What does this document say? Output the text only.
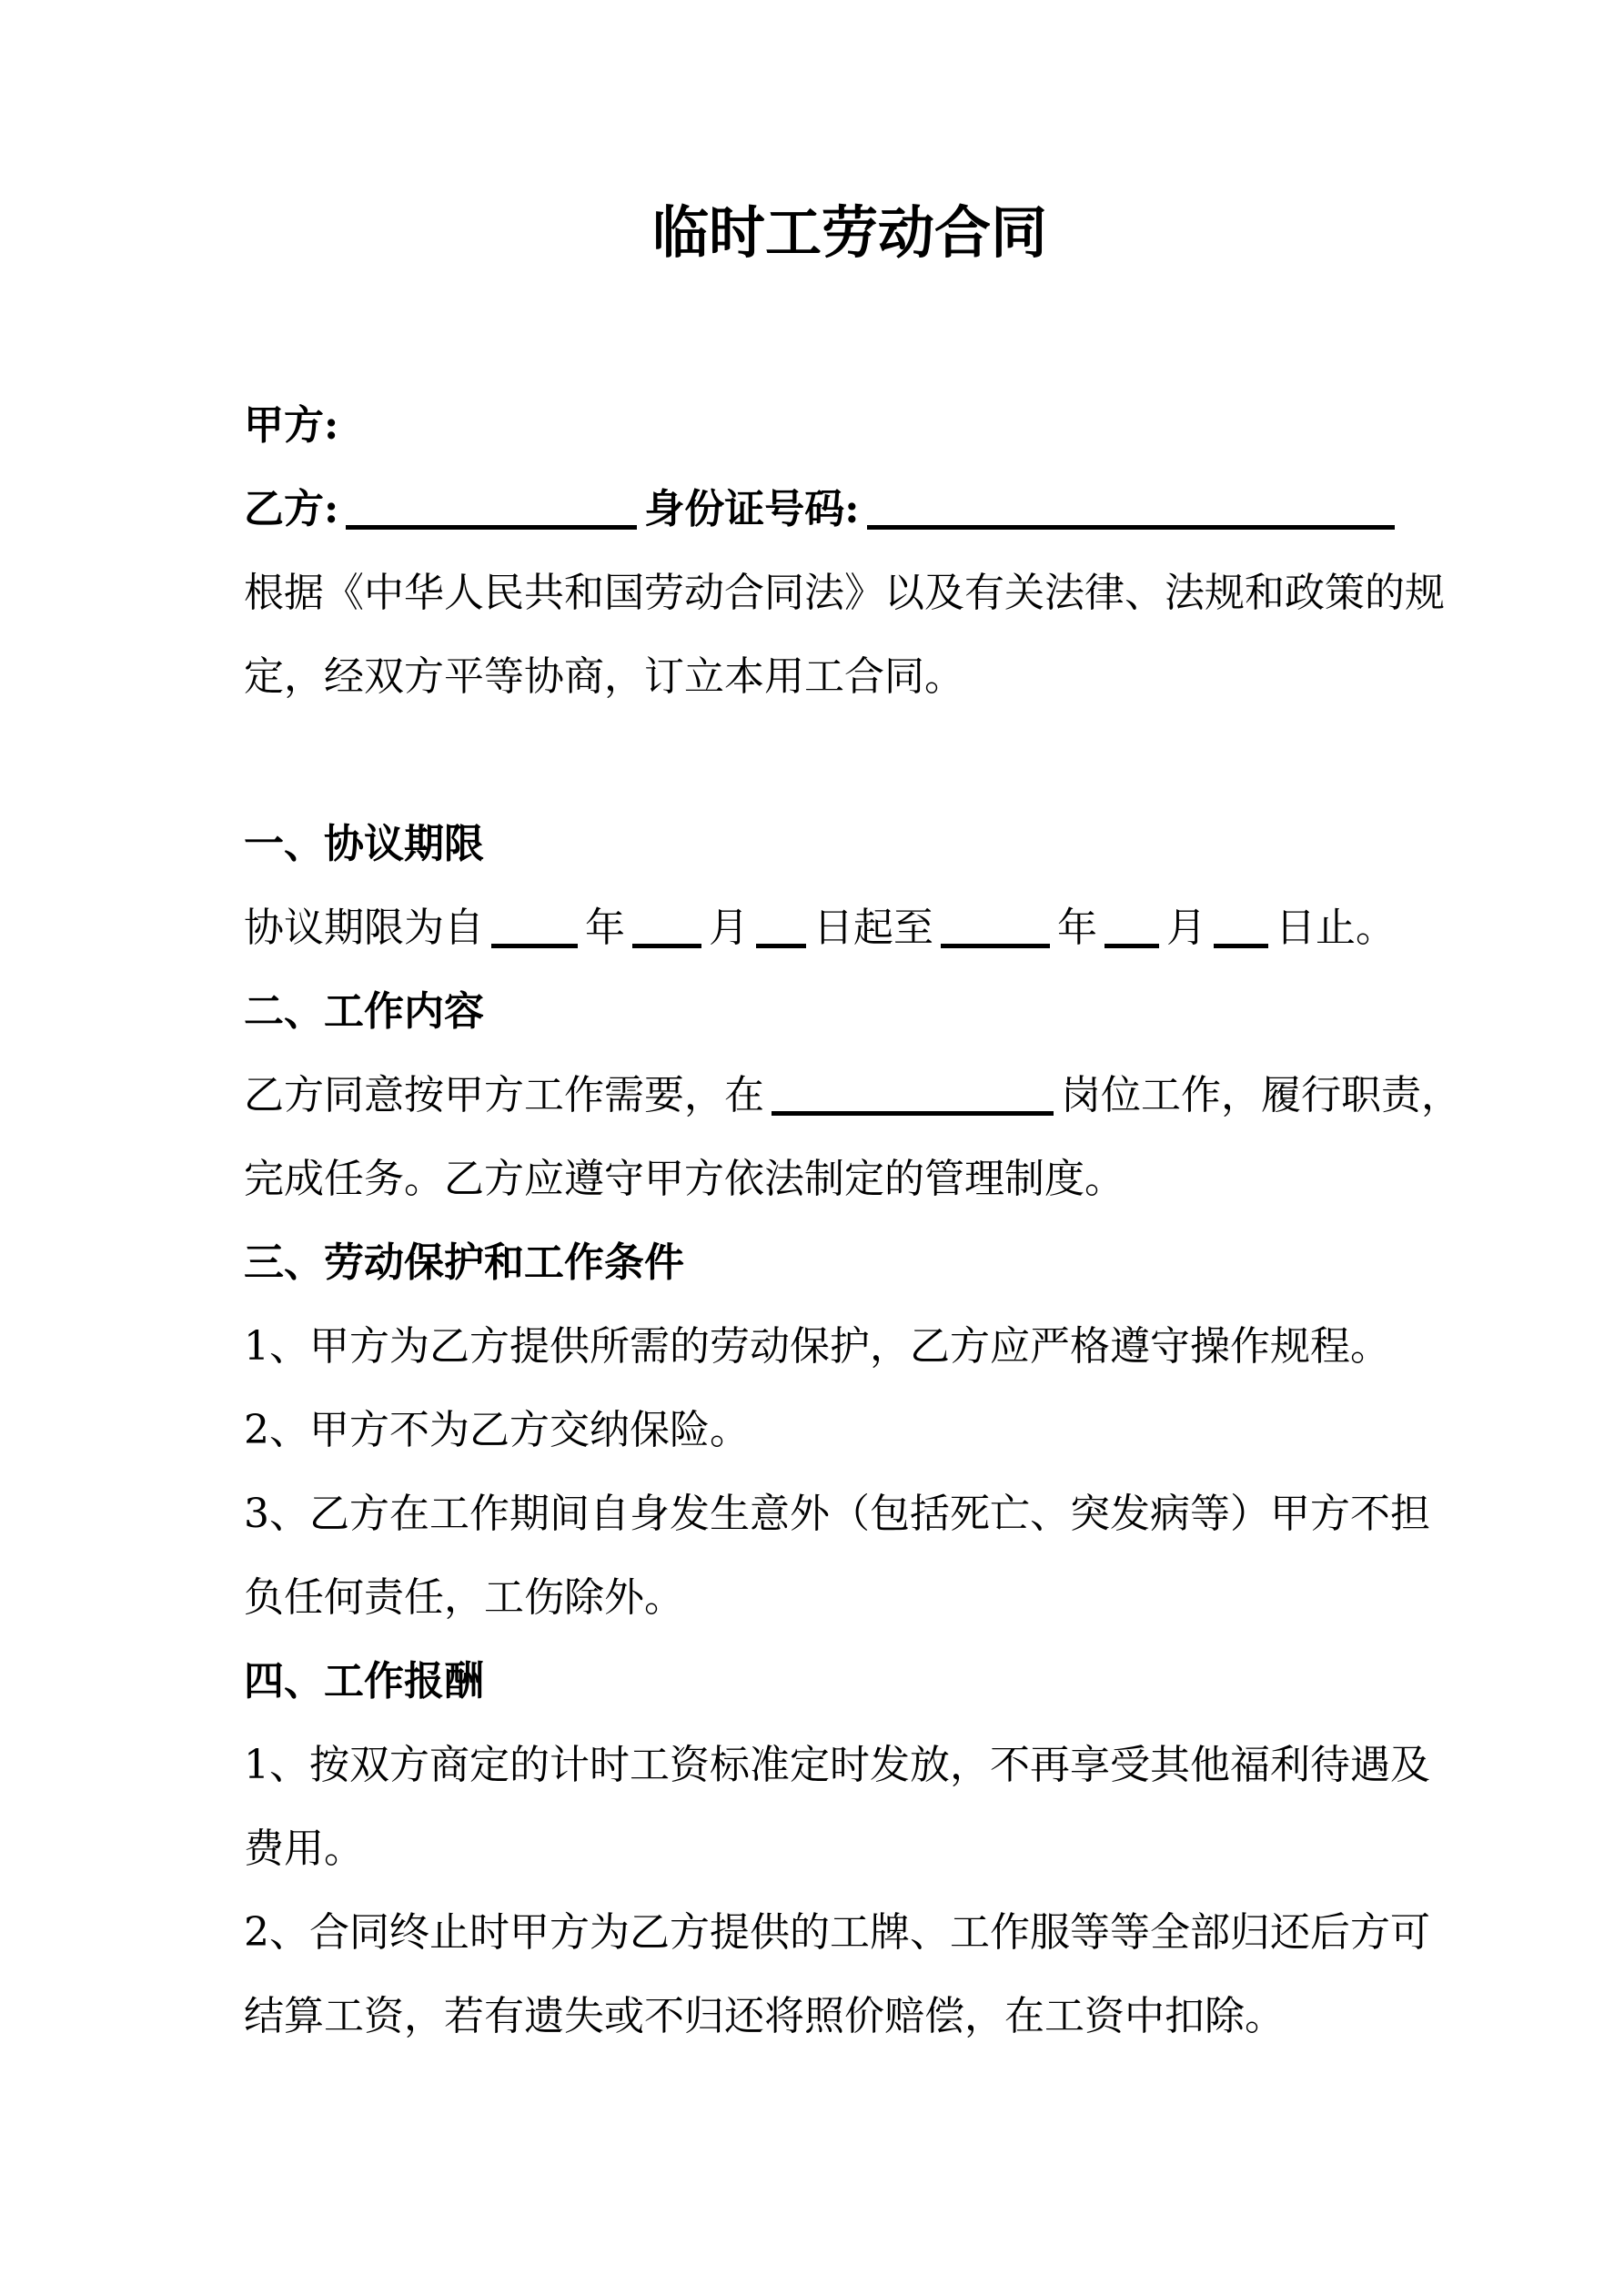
临时工劳动合同
甲方:
乙方:	身份证号码:
根据《中华人民共和国劳动合同法》以及有关法律、法规和政策的规
定，经双方平等协商，订立本用工合同。
一、协议期限
协议期限为自	年 月 日起至	年 月 日止。
二、工作内容
乙方同意按甲方工作需要，在	岗位工作，履行职责，
完成任务。乙方应遵守甲方依法制定的管理制度。
三、劳动保护和工作条件
1、甲方为乙方提供所需的劳动保护，乙方应严格遵守操作规程。
2、甲方不为乙方交纳保险。
3、乙方在工作期间自身发生意外（包括死亡、突发病等）甲方不担
负任何责任，工伤除外。
四、工作报酬
1、按双方商定的计时工资标准定时发放，不再享受其他福利待遇及
费用。
2、合同终止时甲方为乙方提供的工牌、工作服等等全部归还后方可
结算工资，若有遗失或不归还将照价赔偿，在工资中扣除。
